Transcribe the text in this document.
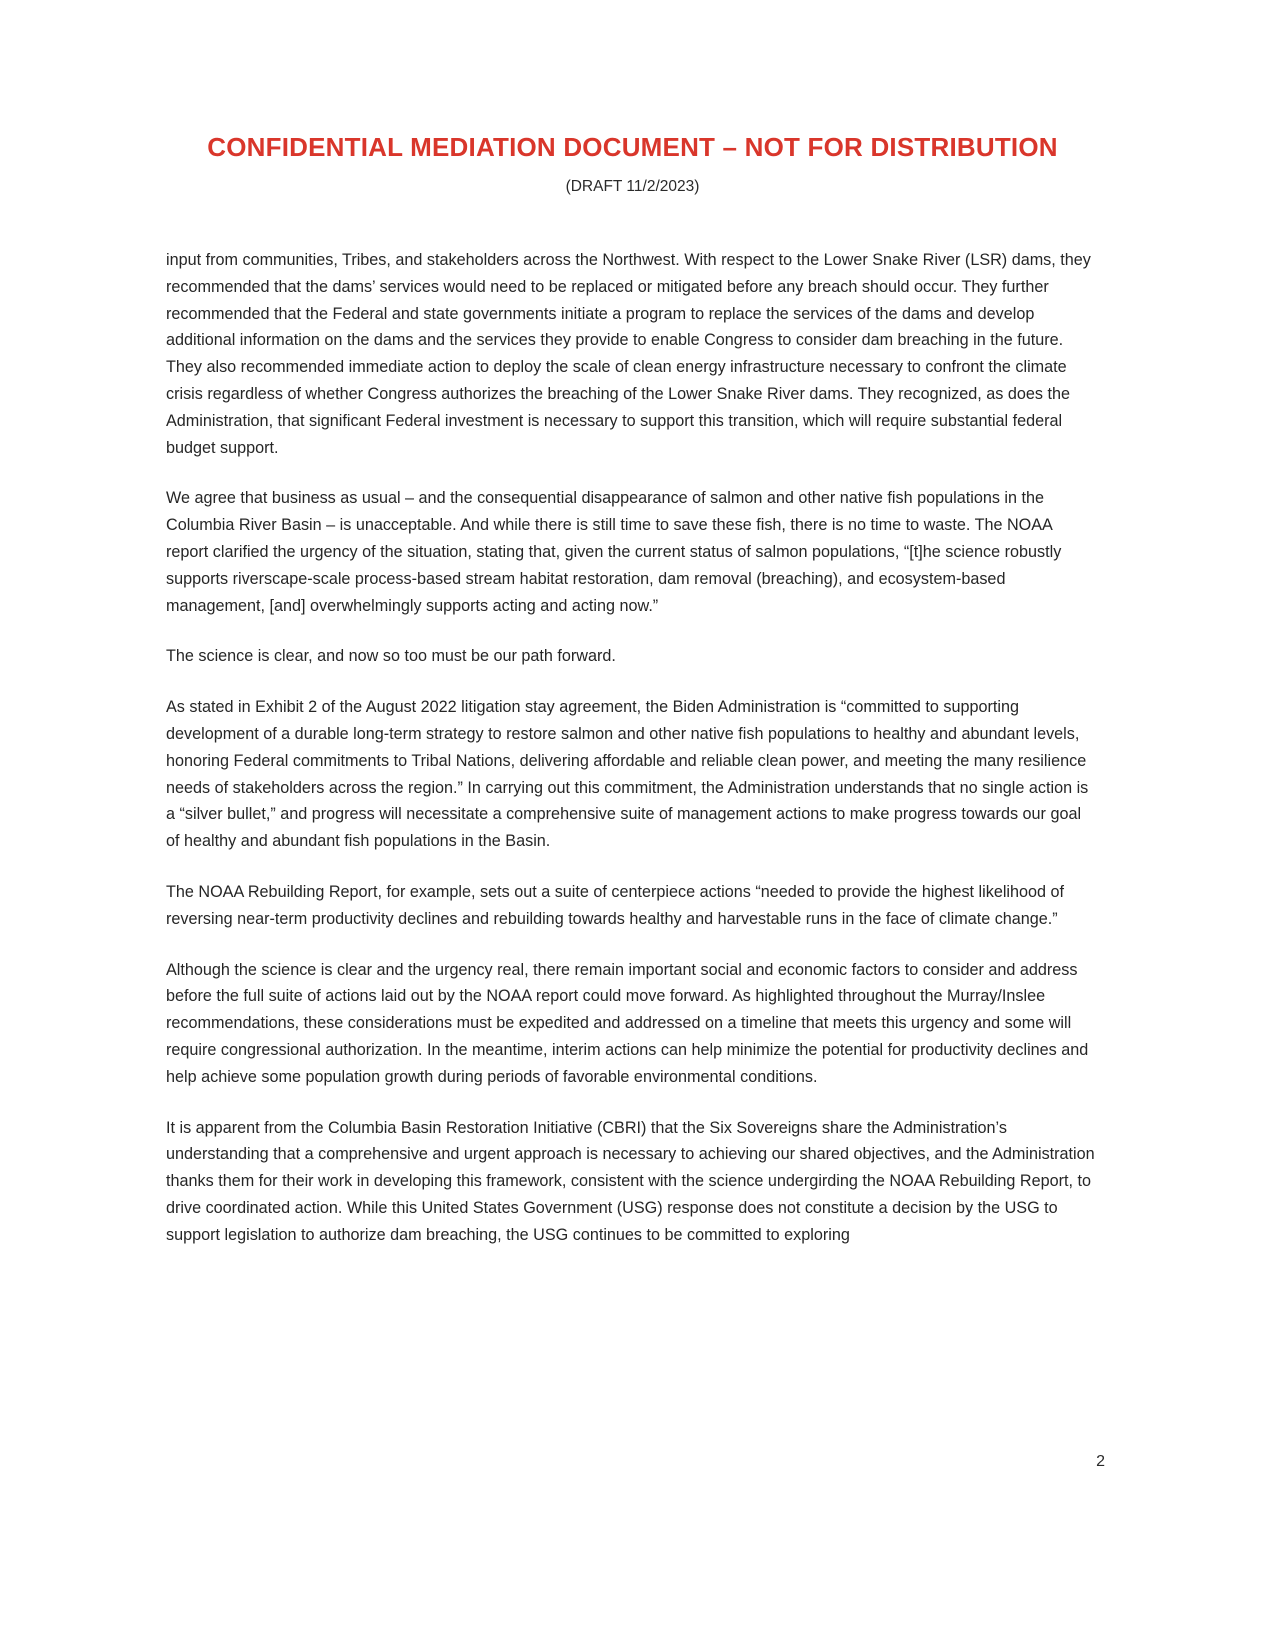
CONFIDENTIAL MEDIATION DOCUMENT – NOT FOR DISTRIBUTION
(DRAFT 11/2/2023)

input from communities, Tribes, and stakeholders across the Northwest. With respect to the Lower Snake River (LSR) dams, they recommended that the dams’ services would need to be replaced or mitigated before any breach should occur. They further recommended that the Federal and state governments initiate a program to replace the services of the dams and develop additional information on the dams and the services they provide to enable Congress to consider dam breaching in the future. They also recommended immediate action to deploy the scale of clean energy infrastructure necessary to confront the climate crisis regardless of whether Congress authorizes the breaching of the Lower Snake River dams. They recognized, as does the Administration, that significant Federal investment is necessary to support this transition, which will require substantial federal budget support.

We agree that business as usual – and the consequential disappearance of salmon and other native fish populations in the Columbia River Basin – is unacceptable. And while there is still time to save these fish, there is no time to waste. The NOAA report clarified the urgency of the situation, stating that, given the current status of salmon populations, “[t]he science robustly supports riverscape-scale process-based stream habitat restoration, dam removal (breaching), and ecosystem-based management, [and] overwhelmingly supports acting and acting now.”

The science is clear, and now so too must be our path forward.

As stated in Exhibit 2 of the August 2022 litigation stay agreement, the Biden Administration is “committed to supporting development of a durable long-term strategy to restore salmon and other native fish populations to healthy and abundant levels, honoring Federal commitments to Tribal Nations, delivering affordable and reliable clean power, and meeting the many resilience needs of stakeholders across the region.” In carrying out this commitment, the Administration understands that no single action is a “silver bullet,” and progress will necessitate a comprehensive suite of management actions to make progress towards our goal of healthy and abundant fish populations in the Basin.

The NOAA Rebuilding Report, for example, sets out a suite of centerpiece actions “needed to provide the highest likelihood of reversing near-term productivity declines and rebuilding towards healthy and harvestable runs in the face of climate change.”

Although the science is clear and the urgency real, there remain important social and economic factors to consider and address before the full suite of actions laid out by the NOAA report could move forward. As highlighted throughout the Murray/Inslee recommendations, these considerations must be expedited and addressed on a timeline that meets this urgency and some will require congressional authorization. In the meantime, interim actions can help minimize the potential for productivity declines and help achieve some population growth during periods of favorable environmental conditions.

It is apparent from the Columbia Basin Restoration Initiative (CBRI) that the Six Sovereigns share the Administration’s understanding that a comprehensive and urgent approach is necessary to achieving our shared objectives, and the Administration thanks them for their work in developing this framework, consistent with the science undergirding the NOAA Rebuilding Report, to drive coordinated action. While this United States Government (USG) response does not constitute a decision by the USG to support legislation to authorize dam breaching, the USG continues to be committed to exploring

2
